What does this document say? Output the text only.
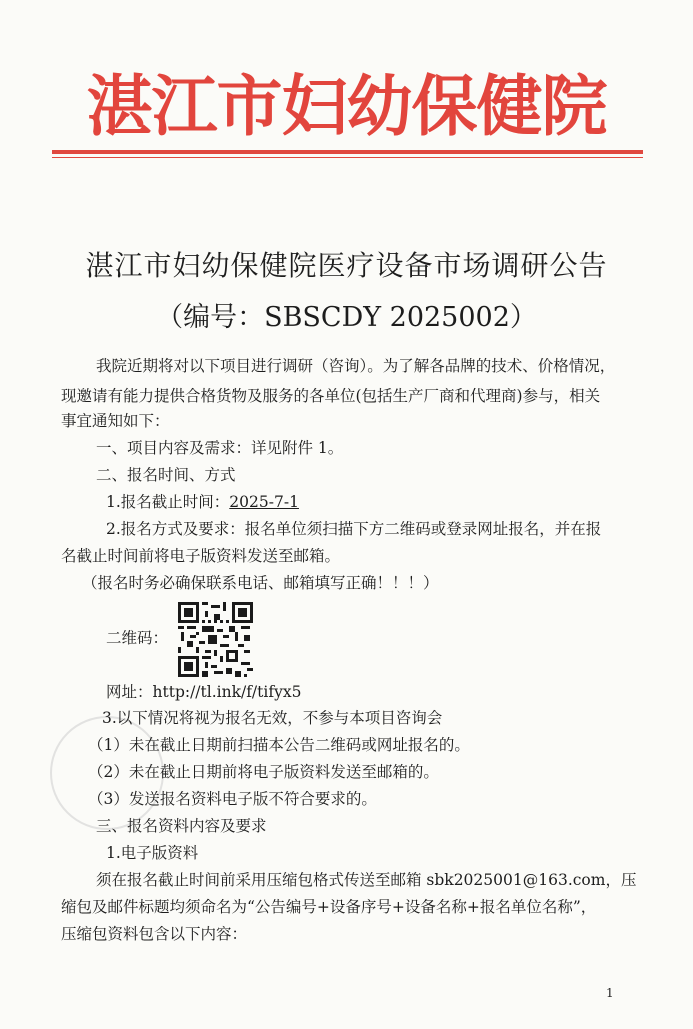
湛江市妇幼保健院
湛江市妇幼保健院医疗设备市场调研公告
（编号：SBSCDY 2025002）
我院近期将对以下项目进行调研（咨询）。为了解各品牌的技术、价格情况，
现邀请有能力提供合格货物及服务的各单位(包括生产厂商和代理商)参与，相关
事宜通知如下：
一、项目内容及需求：详见附件 1。
二、报名时间、方式
1.报名截止时间：2025-7-1
2.报名方式及要求：报名单位须扫描下方二维码或登录网址报名，并在报
名截止时间前将电子版资料发送至邮箱。
（报名时务必确保联系电话、邮箱填写正确！！！）
二维码：
网址：http://tl.ink/f/tifyx5
3.以下情况将视为报名无效，不参与本项目咨询会
（1）未在截止日期前扫描本公告二维码或网址报名的。
（2）未在截止日期前将电子版资料发送至邮箱的。
（3）发送报名资料电子版不符合要求的。
三、报名资料内容及要求
1.电子版资料
须在报名截止时间前采用压缩包格式传送至邮箱 sbk2025001@163.com，压
缩包及邮件标题均须命名为“公告编号+设备序号+设备名称+报名单位名称”，
压缩包资料包含以下内容：
1
